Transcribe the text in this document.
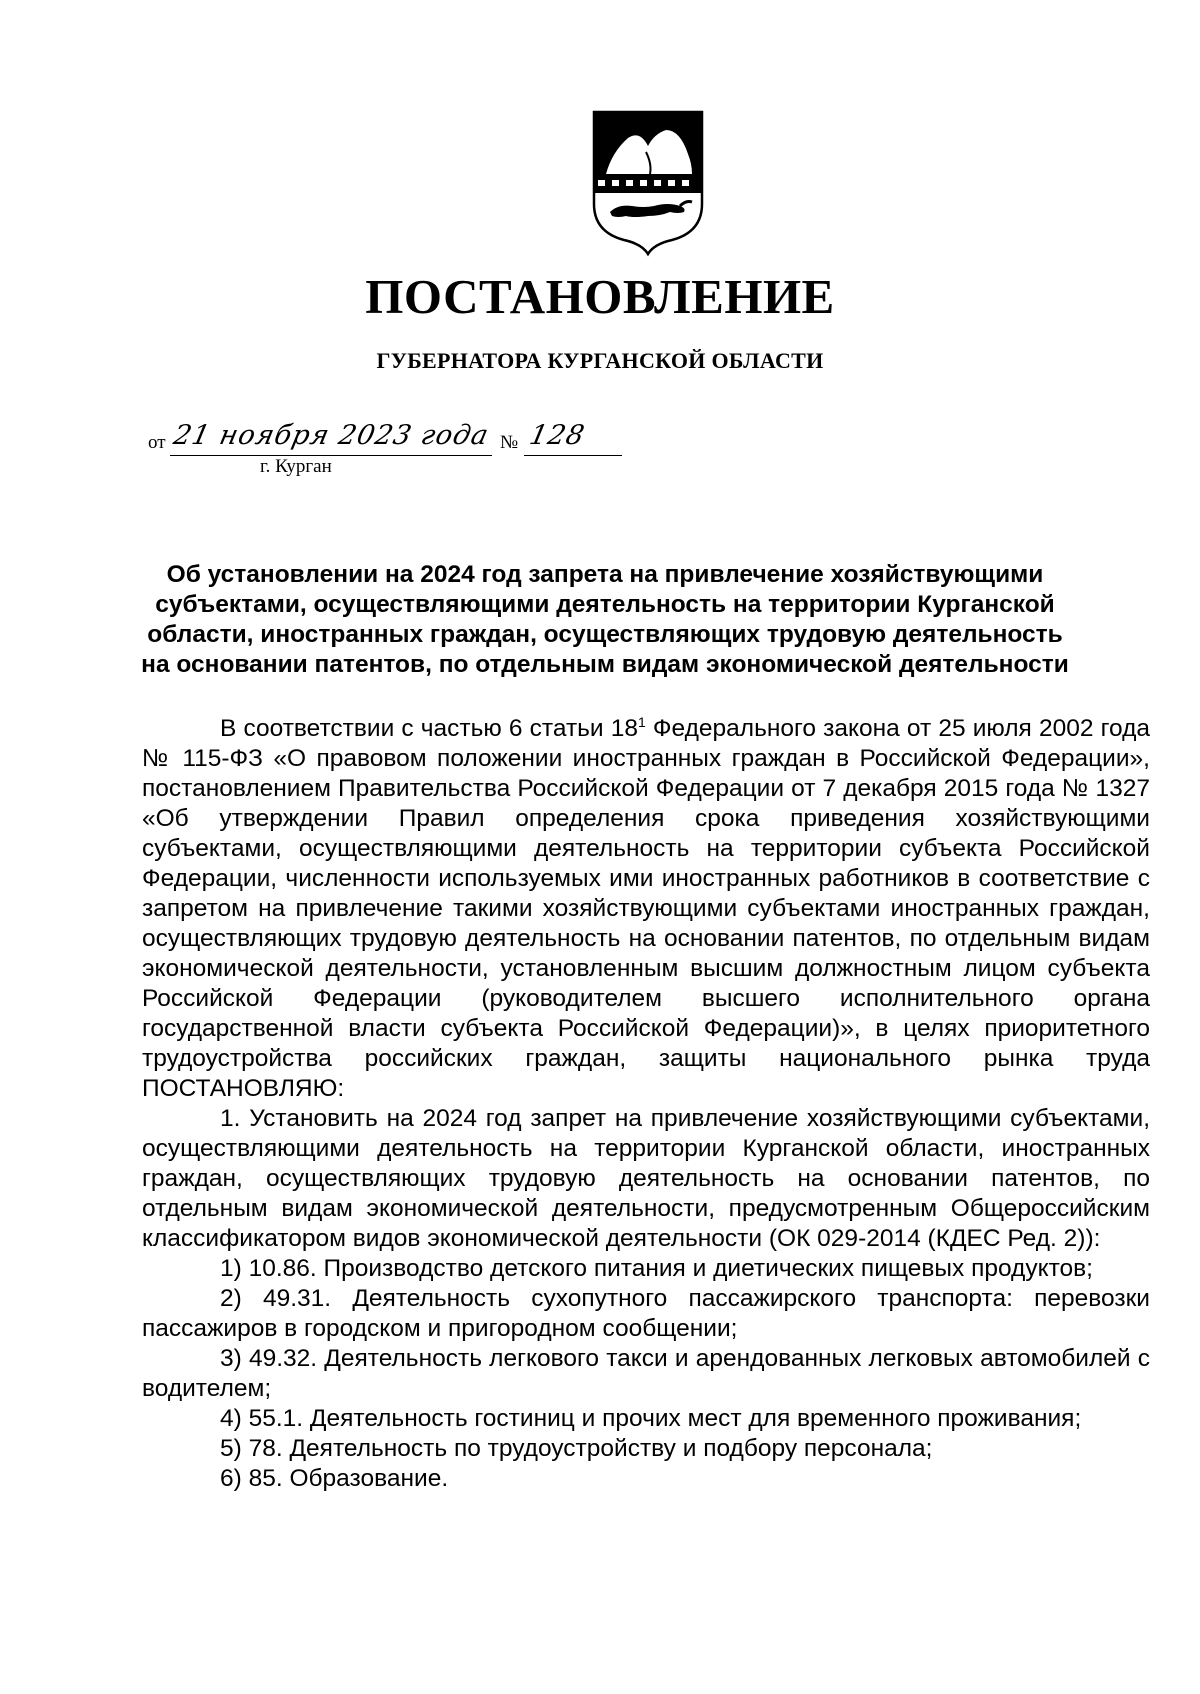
ПОСТАНОВЛЕНИЕ
ГУБЕРНАТОРА КУРГАНСКОЙ ОБЛАСТИ
от 21 ноября 2023 года № 128
г. Курган
Об установлении на 2024 год запрета на привлечение хозяйствующими субъектами, осуществляющими деятельность на территории Курганской области, иностранных граждан, осуществляющих трудовую деятельность на основании патентов, по отдельным видам экономической деятельности

В соответствии с частью 6 статьи $18^1$ Федерального закона от 25 июля 2002 года № 115-ФЗ «О правовом положении иностранных граждан в Российской Федерации», постановлением Правительства Российской Федерации от 7 декабря 2015 года № 1327 «Об утверждении Правил определения срока приведения хозяйствующими субъектами, осуществляющими деятельность на территории субъекта Российской Федерации, численности используемых ими иностранных работников в соответствие с запретом на привлечение такими хозяйствующими субъектами иностранных граждан, осуществляющих трудовую деятельность на основании патентов, по отдельным видам экономической деятельности, установленным высшим должностным лицом субъекта Российской Федерации (руководителем высшего исполнительного органа государственной власти субъекта Российской Федерации)», в целях приоритетного трудоустройства российских граждан, защиты национального рынка труда ПОСТАНОВЛЯЮ:

1. Установить на 2024 год запрет на привлечение хозяйствующими субъектами, осуществляющими деятельность на территории Курганской области, иностранных граждан, осуществляющих трудовую деятельность на основании патентов, по отдельным видам экономической деятельности, предусмотренным Общероссийским классификатором видов экономической деятельности (ОК 029-2014 (КДЕС Ред. 2)):

1) 10.86. Производство детского питания и диетических пищевых продуктов;

2) 49.31. Деятельность сухопутного пассажирского транспорта: перевозки пассажиров в городском и пригородном сообщении;

3) 49.32. Деятельность легкового такси и арендованных легковых автомобилей с водителем;

4) 55.1. Деятельность гостиниц и прочих мест для временного проживания;

5) 78. Деятельность по трудоустройству и подбору персонала;

6) 85. Образование.
